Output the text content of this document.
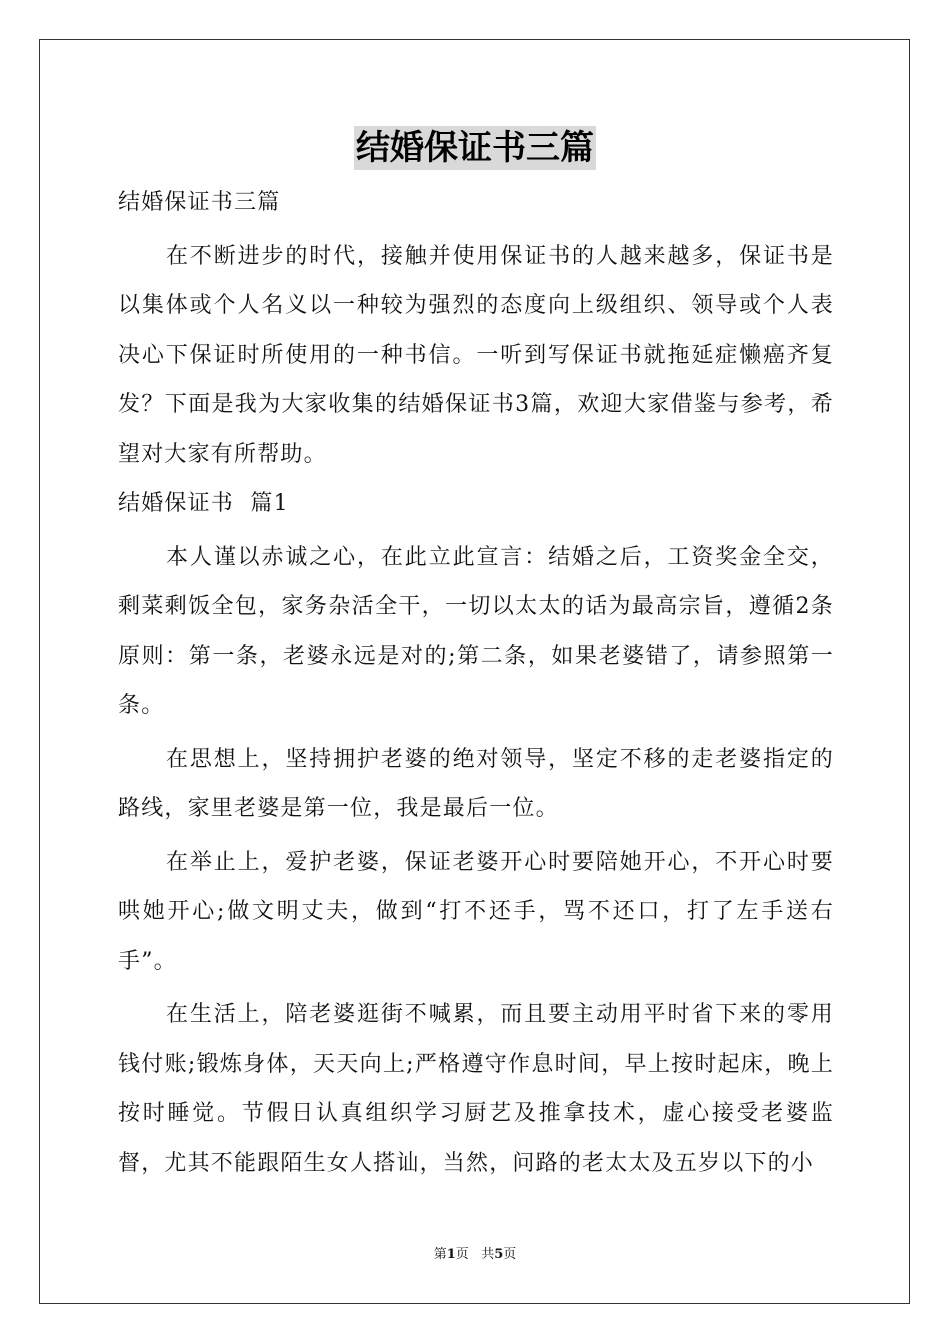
结婚保证书三篇

结婚保证书三篇

在不断进步的时代，接触并使用保证书的人越来越多，保证书是以集体或个人名义以一种较为强烈的态度向上级组织、领导或个人表决心下保证时所使用的一种书信。一听到写保证书就拖延症懒癌齐复发？下面是我为大家收集的结婚保证书3篇，欢迎大家借鉴与参考，希望对大家有所帮助。

结婚保证书  篇1

本人谨以赤诚之心，在此立此宣言：结婚之后，工资奖金全交，剩菜剩饭全包，家务杂活全干，一切以太太的话为最高宗旨，遵循2条原则：第一条，老婆永远是对的;第二条，如果老婆错了，请参照第一条。

在思想上，坚持拥护老婆的绝对领导，坚定不移的走老婆指定的路线，家里老婆是第一位，我是最后一位。

在举止上，爱护老婆，保证老婆开心时要陪她开心，不开心时要哄她开心;做文明丈夫，做到“打不还手，骂不还口，打了左手送右手”。

在生活上，陪老婆逛街不喊累，而且要主动用平时省下来的零用钱付账;锻炼身体，天天向上;严格遵守作息时间，早上按时起床，晚上按时睡觉。节假日认真组织学习厨艺及推拿技术，虚心接受老婆监督，尤其不能跟陌生女人搭讪，当然，问路的老太太及五岁以下的小

第1页 共5页
